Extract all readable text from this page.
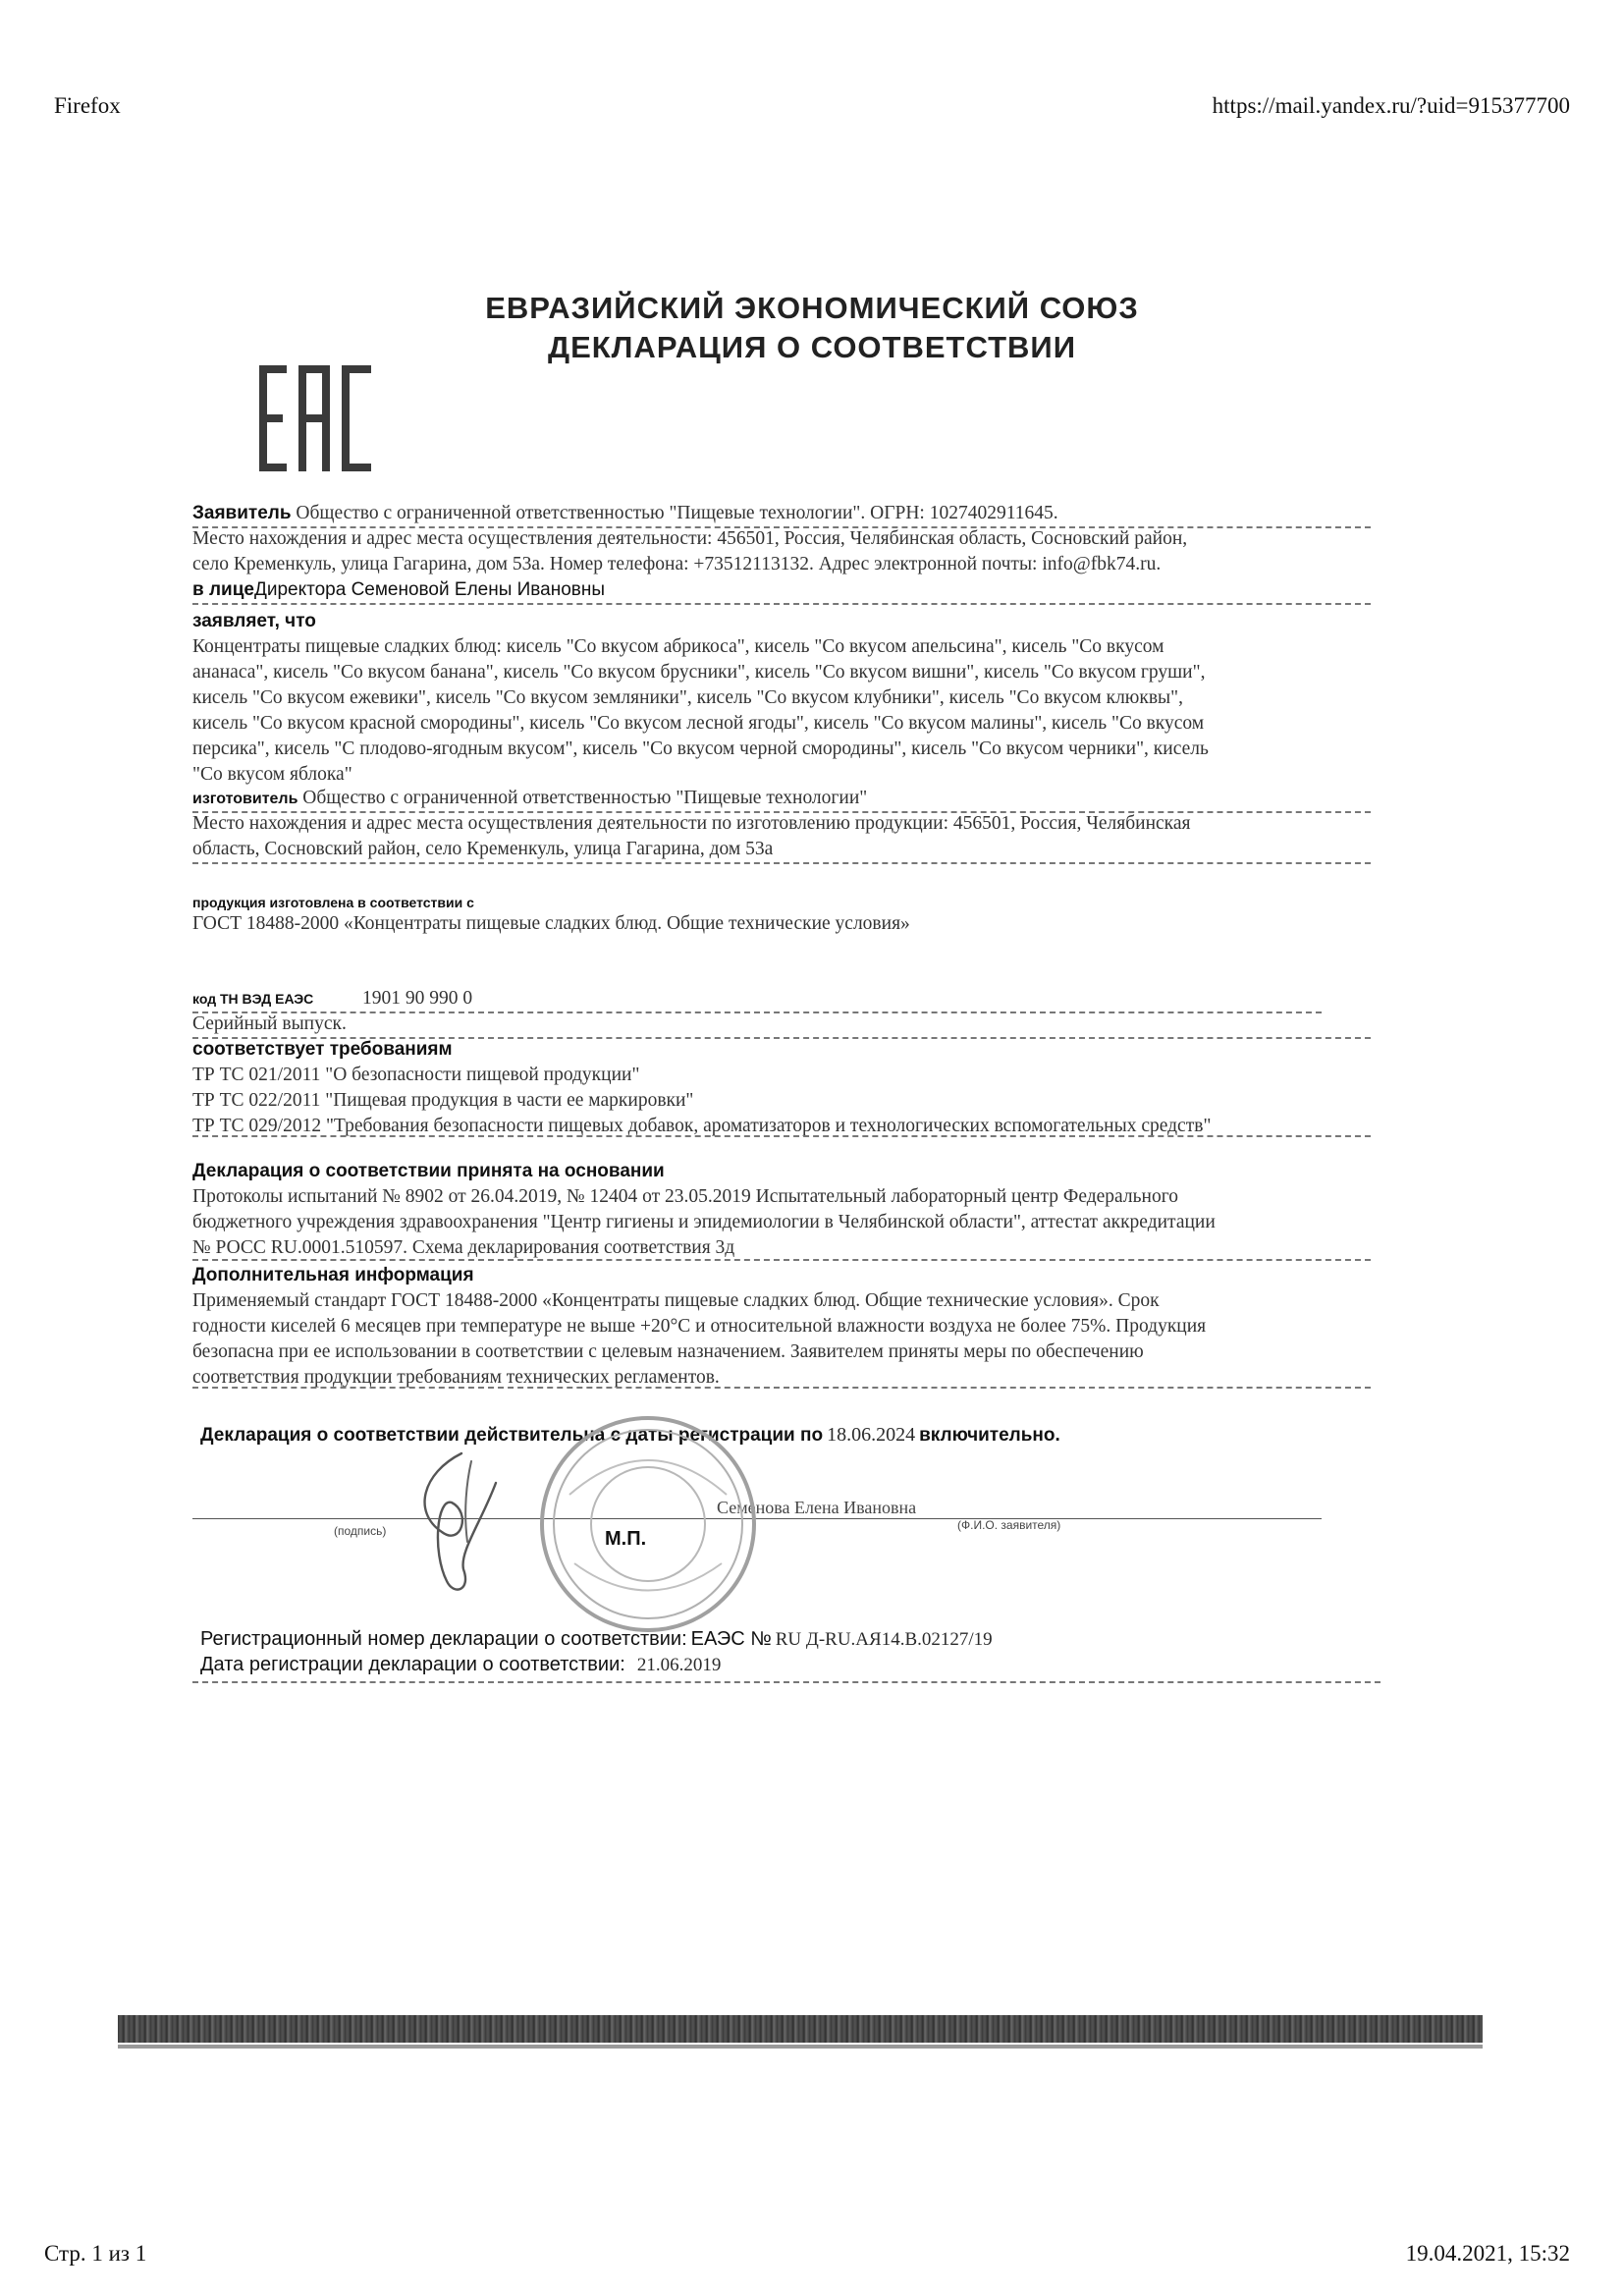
Firefox	https://mail.yandex.ru/?uid=915377700
ЕВРАЗИЙСКИЙ ЭКОНОМИЧЕСКИЙ СОЮЗ
ДЕКЛАРАЦИЯ О СООТВЕТСТВИИ
Заявитель Общество с ограниченной ответственностью "Пищевые технологии". ОГРН: 1027402911645.
Место нахождения и адрес места осуществления деятельности: 456501, Россия, Челябинская область, Сосновский район,
село Кременкуль, улица Гагарина, дом 53а. Номер телефона: +73512113132. Адрес электронной почты: info@fbk74.ru.
в лицеДиректора Семеновой Елены Ивановны
заявляет, что
Концентраты пищевые сладких блюд: кисель "Со вкусом абрикоса", кисель "Со вкусом апельсина", кисель "Со вкусом
ананаса", кисель "Со вкусом банана", кисель "Со вкусом брусники", кисель "Со вкусом вишни", кисель "Со вкусом груши",
кисель "Со вкусом ежевики", кисель "Со вкусом земляники", кисель "Со вкусом клубники", кисель "Со вкусом клюквы",
кисель "Со вкусом красной смородины", кисель "Со вкусом лесной ягоды", кисель "Со вкусом малины", кисель "Со вкусом
персика", кисель "С плодово-ягодным вкусом", кисель "Со вкусом черной смородины", кисель "Со вкусом черники", кисель
"Со вкусом яблока"
изготовитель Общество с ограниченной ответственностью "Пищевые технологии"
Место нахождения и адрес места осуществления деятельности по изготовлению продукции: 456501, Россия, Челябинская
область, Сосновский район, село Кременкуль, улица Гагарина, дом 53а
продукция изготовлена в соответствии с
ГОСТ 18488-2000 «Концентраты пищевые сладких блюд. Общие технические условия»
код ТН ВЭД ЕАЭС	1901 90 990 0
Серийный выпуск.
соответствует требованиям
ТР ТС 021/2011 "О безопасности пищевой продукции"
ТР ТС 022/2011 "Пищевая продукция в части ее маркировки"
ТР ТС 029/2012 "Требования безопасности пищевых добавок, ароматизаторов и технологических вспомогательных средств"
Декларация о соответствии принята на основании
Протоколы испытаний № 8902 от 26.04.2019, № 12404 от 23.05.2019 Испытательный лабораторный центр Федерального
бюджетного учреждения здравоохранения "Центр гигиены и эпидемиологии в Челябинской области", аттестат аккредитации
№ РОСС RU.0001.510597. Схема декларирования соответствия 3д
Дополнительная информация
Применяемый стандарт ГОСТ 18488-2000 «Концентраты пищевые сладких блюд. Общие технические условия». Срок
годности киселей 6 месяцев при температуре не выше +20°С и относительной влажности воздуха не более 75%. Продукция
безопасна при ее использовании в соответствии с целевым назначением. Заявителем приняты меры по обеспечению
соответствия продукции требованиям технических регламентов.
Декларация о соответствии действительна с даты регистрации по 18.06.2024 включительно.
(подпись)	(Ф.И.О. заявителя)
Семенова Елена Ивановна
М.П.
Регистрационный номер декларации о соответствии: ЕАЭС № RU Д-RU.АЯ14.В.02127/19
Дата регистрации декларации о соответствии: 21.06.2019
Стр. 1 из 1	19.04.2021, 15:32
